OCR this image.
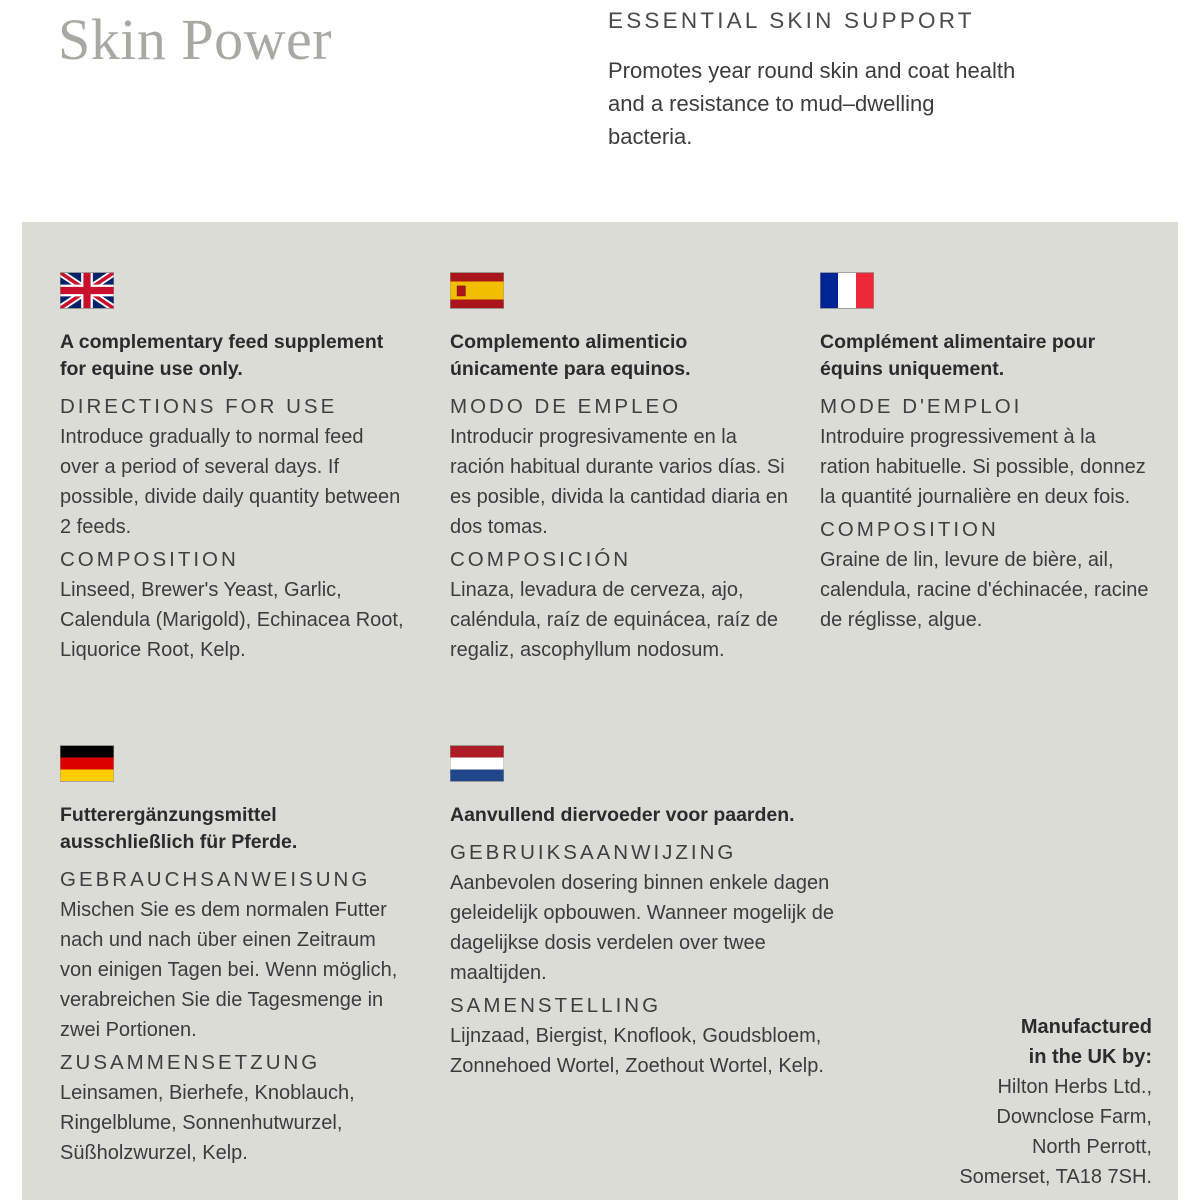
Skin Power	ESSENTIAL SKIN SUPPORT
Promotes year round skin and coat health and a resistance to mud–dwelling bacteria.

A complementary feed supplement for equine use only.

DIRECTIONS FOR USE

Introduce gradually to normal feed over a period of several days. If possible, divide daily quantity between 2 feeds.

COMPOSITION

Linseed, Brewer's Yeast, Garlic, Calendula (Marigold), Echinacea Root, Liquorice Root, Kelp.

Complemento alimenticio únicamente para equinos.

MODO DE EMPLEO

Introducir progresivamente en la ración habitual durante varios días. Si es posible, divida la cantidad diaria en dos tomas.

COMPOSICIÓN

Linaza, levadura de cerveza, ajo, caléndula, raíz de equinácea, raíz de regaliz, ascophyllum nodosum.

Complément alimentaire pour équins uniquement.

MODE D'EMPLOI

Introduire progressivement à la ration habituelle. Si possible, donnez la quantité journalière en deux fois.

COMPOSITION

Graine de lin, levure de bière, ail, calendula, racine d'échinacée, racine de réglisse, algue.

Futterergänzungsmittel ausschließlich für Pferde.

GEBRAUCHSANWEISUNG

Mischen Sie es dem normalen Futter nach und nach über einen Zeitraum von einigen Tagen bei. Wenn möglich, verabreichen Sie die Tagesmenge in zwei Portionen.

ZUSAMMENSETZUNG

Leinsamen, Bierhefe, Knoblauch, Ringelblume, Sonnenhutwurzel, Süßholzwurzel, Kelp.

Aanvullend diervoeder voor paarden.

GEBRUIKSAANWIJZING

Aanbevolen dosering binnen enkele dagen geleidelijk opbouwen. Wanneer mogelijk de dagelijkse dosis verdelen over twee maaltijden.

SAMENSTELLING

Lijnzaad, Biergist, Knoflook, Goudsbloem, Zonnehoed Wortel, Zoethout Wortel, Kelp.

Manufactured
in the UK by:
Hilton Herbs Ltd.,
Downclose Farm,
North Perrott,
Somerset, TA18 7SH.
